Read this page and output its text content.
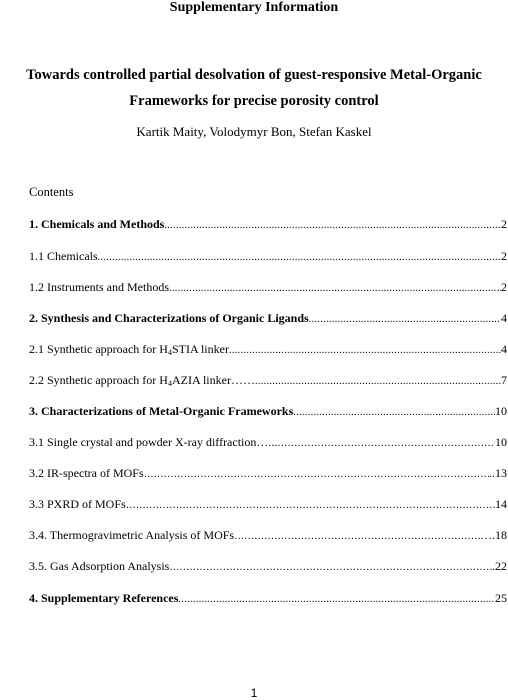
Supplementary Information
Towards controlled partial desolvation of guest-responsive Metal-Organic
Frameworks for precise porosity control
Kartik Maity, Volodymyr Bon, Stefan Kaskel
Contents
1. Chemicals and Methods .....	2
1.1 Chemicals .....	2
1.2 Instruments and Methods .....	2
2. Synthesis and Characterizations of Organic Ligands .....	4
2.1 Synthetic approach for $H_4STIA$ linker .....	4
2.2 Synthetic approach for $H_4AZIA$ linker…… .....	7
3. Characterizations of Metal-Organic Frameworks .....	10
3.1 Single crystal and powder X-ray diffraction…... ……………………………………………………………………………………………………………………………………………………………………	10
3.2 IR-spectra of MOFs ……………………………………………………………………………………………………………………………………………………………………	..13
3.3 PXRD of MOFs ……………………………………………………………………………………………………………………………………………………………………	14
3.4. Thermogravimetric Analysis of MOFs ……………………………………………………………………………………………………………………………………………………………………	….18
3.5. Gas Adsorption Analysis ……………………………………………………………………………………………………………………………………………………………………	.22
4. Supplementary References .....	25
1
